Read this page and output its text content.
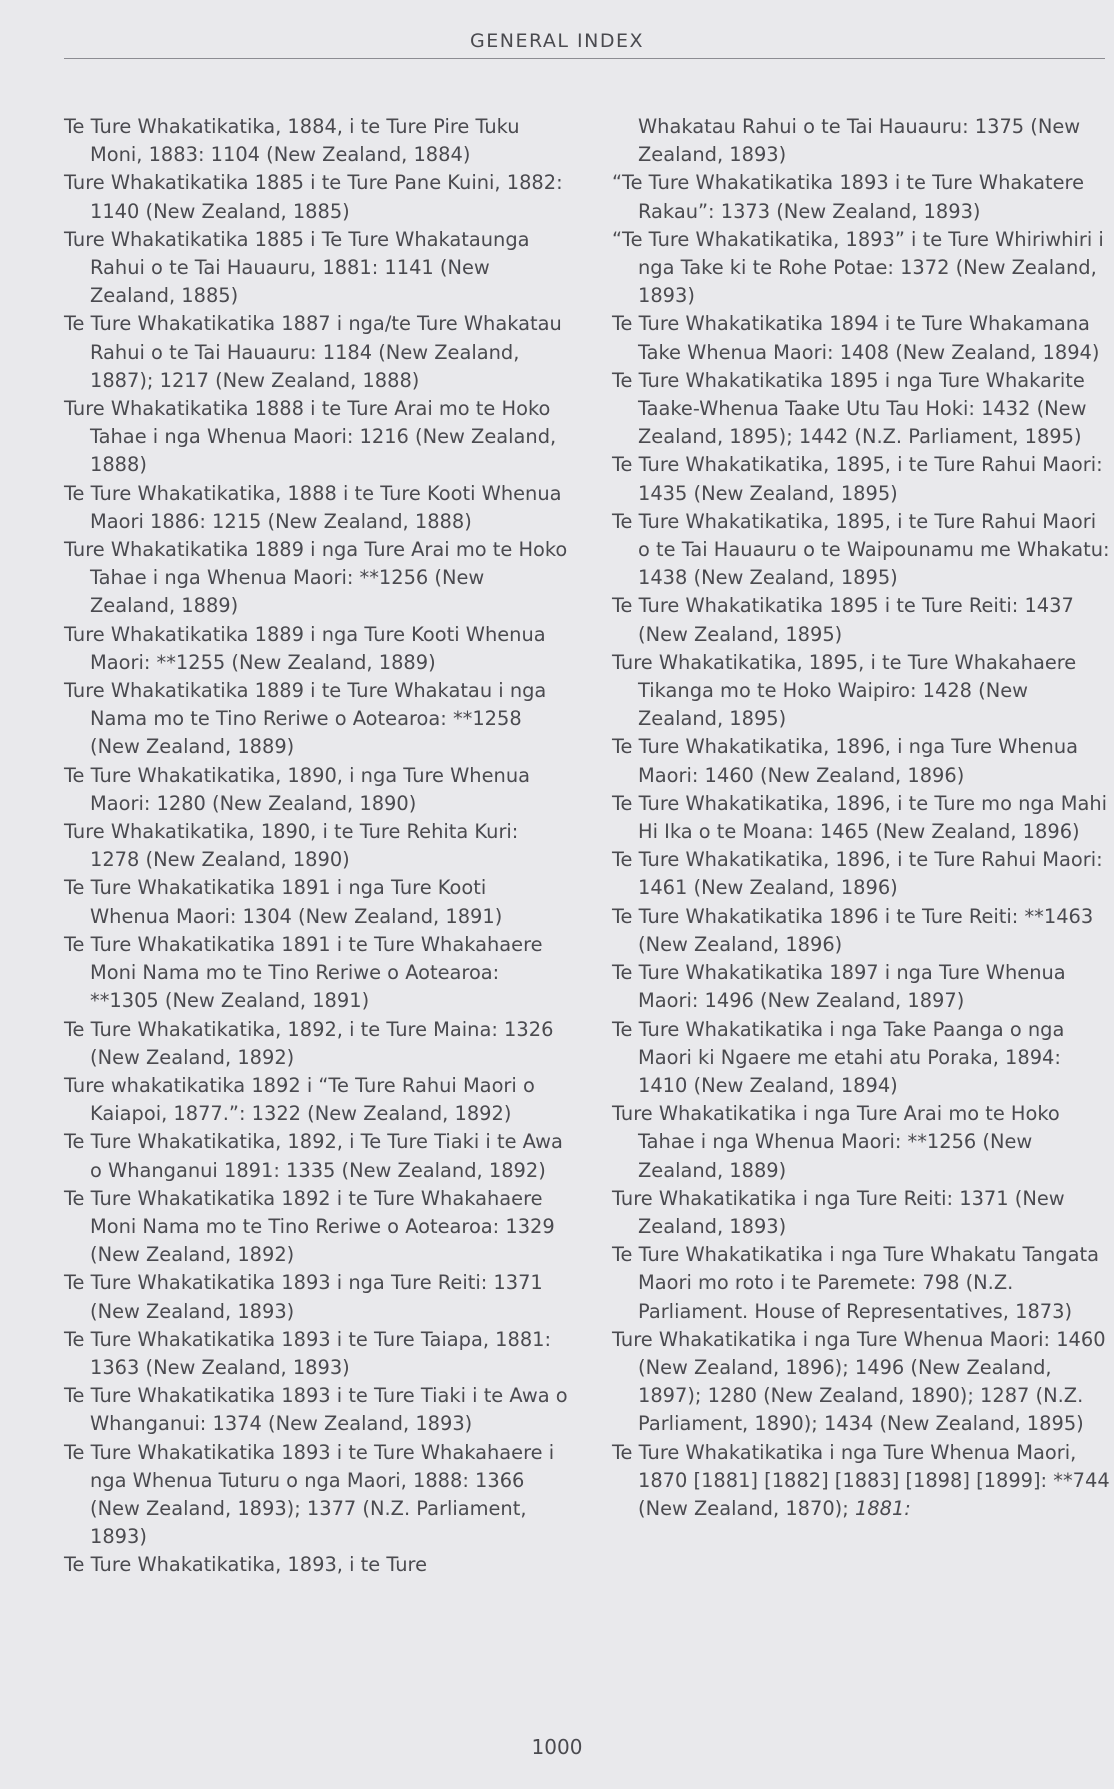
GENERAL INDEX

Te Ture Whakatikatika, 1884, i te Ture Pire Tuku Moni, 1883: 1104 (New Zealand, 1884)

Ture Whakatikatika 1885 i te Ture Pane Kuini, 1882: 1140 (New Zealand, 1885)

Ture Whakatikatika 1885 i Te Ture Whakataunga Rahui o te Tai Hauauru, 1881: 1141 (New Zealand, 1885)

Te Ture Whakatikatika 1887 i nga/te Ture Whakatau Rahui o te Tai Hauauru: 1184 (New Zealand, 1887); 1217 (New Zealand, 1888)

Ture Whakatikatika 1888 i te Ture Arai mo te Hoko Tahae i nga Whenua Maori: 1216 (New Zealand, 1888)

Te Ture Whakatikatika, 1888 i te Ture Kooti Whenua Maori 1886: 1215 (New Zealand, 1888)

Ture Whakatikatika 1889 i nga Ture Arai mo te Hoko Tahae i nga Whenua Maori: **1256 (New Zealand, 1889)

Ture Whakatikatika 1889 i nga Ture Kooti Whenua Maori: **1255 (New Zealand, 1889)

Ture Whakatikatika 1889 i te Ture Whakatau i nga Nama mo te Tino Reriwe o Aotearoa: **1258 (New Zealand, 1889)

Te Ture Whakatikatika, 1890, i nga Ture Whenua Maori: 1280 (New Zealand, 1890)

Ture Whakatikatika, 1890, i te Ture Rehita Kuri: 1278 (New Zealand, 1890)

Te Ture Whakatikatika 1891 i nga Ture Kooti Whenua Maori: 1304 (New Zealand, 1891)

Te Ture Whakatikatika 1891 i te Ture Whakahaere Moni Nama mo te Tino Reriwe o Aotearoa: **1305 (New Zealand, 1891)

Te Ture Whakatikatika, 1892, i te Ture Maina: 1326 (New Zealand, 1892)

Ture whakatikatika 1892 i “Te Ture Rahui Maori o Kaiapoi, 1877.”: 1322 (New Zealand, 1892)

Te Ture Whakatikatika, 1892, i Te Ture Tiaki i te Awa o Whanganui 1891: 1335 (New Zealand, 1892)

Te Ture Whakatikatika 1892 i te Ture Whakahaere Moni Nama mo te Tino Reriwe o Aotearoa: 1329 (New Zealand, 1892)

Te Ture Whakatikatika 1893 i nga Ture Reiti: 1371 (New Zealand, 1893)

Te Ture Whakatikatika 1893 i te Ture Taiapa, 1881: 1363 (New Zealand, 1893)

Te Ture Whakatikatika 1893 i te Ture Tiaki i te Awa o Whanganui: 1374 (New Zealand, 1893)

Te Ture Whakatikatika 1893 i te Ture Whakahaere i nga Whenua Tuturu o nga Maori, 1888: 1366 (New Zealand, 1893); 1377 (N.Z. Parliament, 1893)

Te Ture Whakatikatika, 1893, i te Ture

Whakatau Rahui o te Tai Hauauru: 1375 (New Zealand, 1893)

“Te Ture Whakatikatika 1893 i te Ture Whakatere Rakau”: 1373 (New Zealand, 1893)

“Te Ture Whakatikatika, 1893” i te Ture Whiriwhiri i nga Take ki te Rohe Potae: 1372 (New Zealand, 1893)

Te Ture Whakatikatika 1894 i te Ture Whakamana Take Whenua Maori: 1408 (New Zealand, 1894)

Te Ture Whakatikatika 1895 i nga Ture Whakarite Taake-Whenua Taake Utu Tau Hoki: 1432 (New Zealand, 1895); 1442 (N.Z. Parliament, 1895)

Te Ture Whakatikatika, 1895, i te Ture Rahui Maori: 1435 (New Zealand, 1895)

Te Ture Whakatikatika, 1895, i te Ture Rahui Maori o te Tai Hauauru o te Waipounamu me Whakatu: 1438 (New Zealand, 1895)

Te Ture Whakatikatika 1895 i te Ture Reiti: 1437 (New Zealand, 1895)

Ture Whakatikatika, 1895, i te Ture Whakahaere Tikanga mo te Hoko Waipiro: 1428 (New Zealand, 1895)

Te Ture Whakatikatika, 1896, i nga Ture Whenua Maori: 1460 (New Zealand, 1896)

Te Ture Whakatikatika, 1896, i te Ture mo nga Mahi Hi Ika o te Moana: 1465 (New Zealand, 1896)

Te Ture Whakatikatika, 1896, i te Ture Rahui Maori: 1461 (New Zealand, 1896)

Te Ture Whakatikatika 1896 i te Ture Reiti: **1463 (New Zealand, 1896)

Te Ture Whakatikatika 1897 i nga Ture Whenua Maori: 1496 (New Zealand, 1897)

Te Ture Whakatikatika i nga Take Paanga o nga Maori ki Ngaere me etahi atu Poraka, 1894: 1410 (New Zealand, 1894)

Ture Whakatikatika i nga Ture Arai mo te Hoko Tahae i nga Whenua Maori: **1256 (New Zealand, 1889)

Ture Whakatikatika i nga Ture Reiti: 1371 (New Zealand, 1893)

Te Ture Whakatikatika i nga Ture Whakatu Tangata Maori mo roto i te Paremete: 798 (N.Z. Parliament. House of Representatives, 1873)

Ture Whakatikatika i nga Ture Whenua Maori: 1460 (New Zealand, 1896); 1496 (New Zealand, 1897); 1280 (New Zealand, 1890); 1287 (N.Z. Parliament, 1890); 1434 (New Zealand, 1895)

Te Ture Whakatikatika i nga Ture Whenua Maori, 1870 [1881] [1882] [1883] [1898] [1899]: **744 (New Zealand, 1870); 1881:

1000
